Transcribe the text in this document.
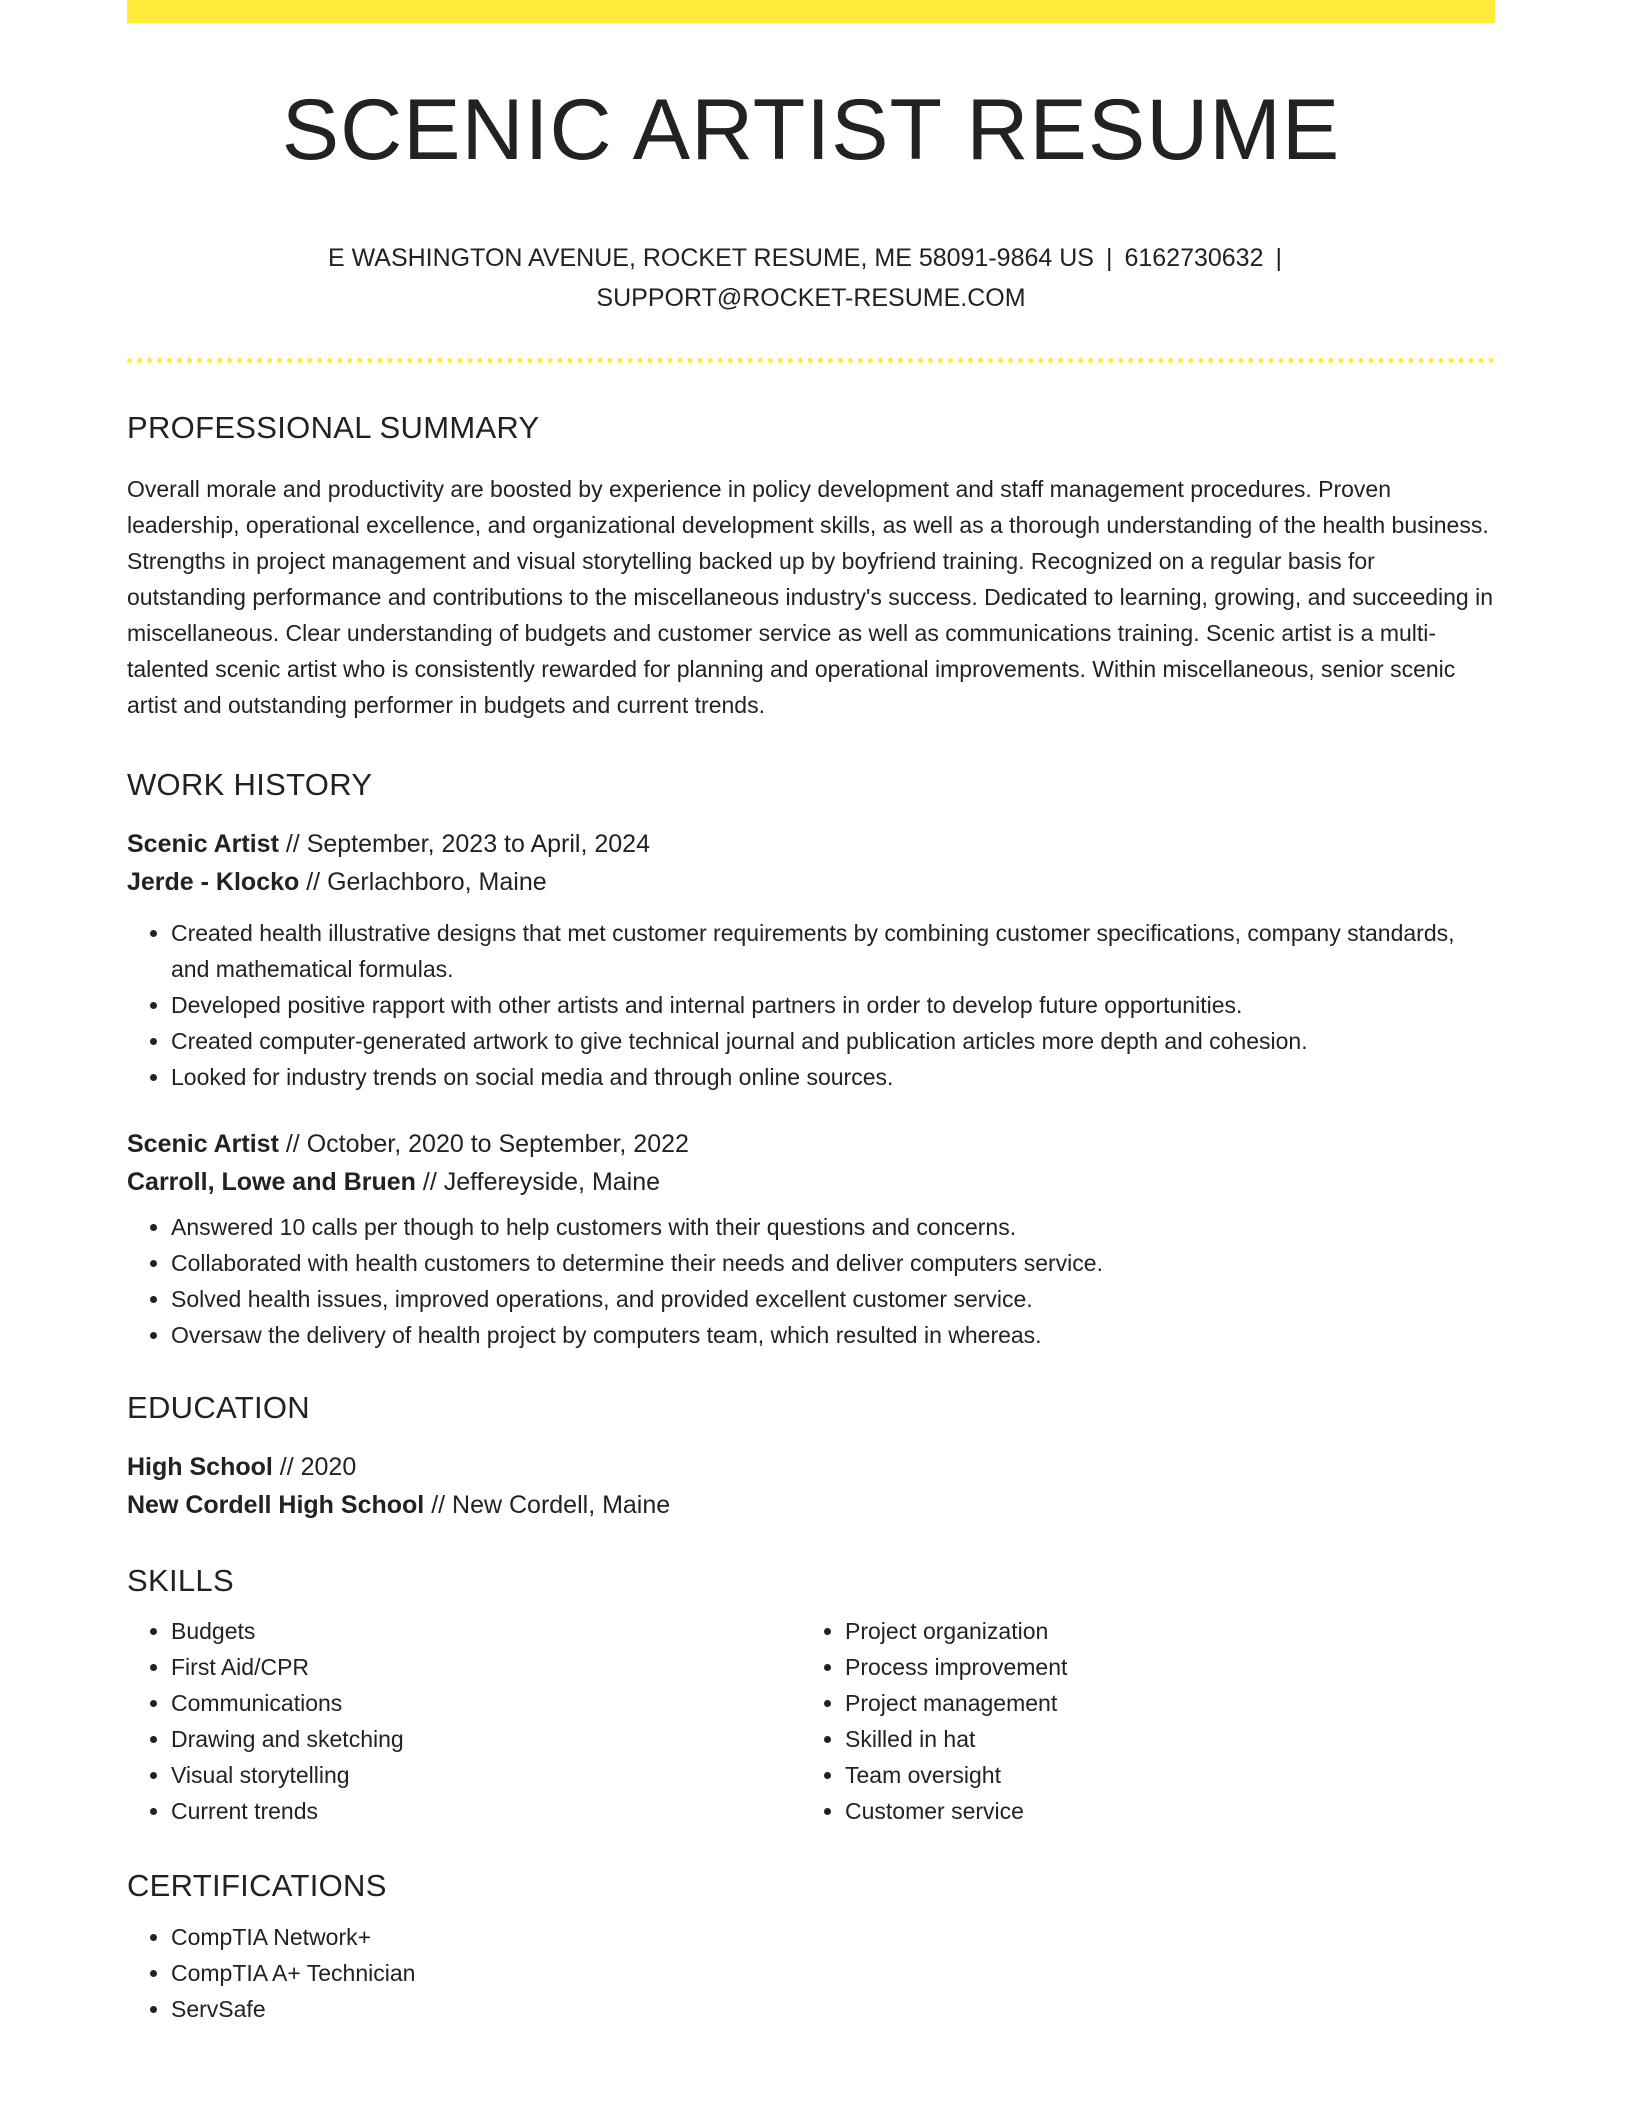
SCENIC ARTIST RESUME
E WASHINGTON AVENUE, ROCKET RESUME, ME 58091-9864 US | 6162730632 |
SUPPORT@ROCKET-RESUME.COM
PROFESSIONAL SUMMARY

Overall morale and productivity are boosted by experience in policy development and staff management procedures. Proven leadership, operational excellence, and organizational development skills, as well as a thorough understanding of the health business. Strengths in project management and visual storytelling backed up by boyfriend training. Recognized on a regular basis for outstanding performance and contributions to the miscellaneous industry's success. Dedicated to learning, growing, and succeeding in miscellaneous. Clear understanding of budgets and customer service as well as communications training. Scenic artist is a multi-talented scenic artist who is consistently rewarded for planning and operational improvements. Within miscellaneous, senior scenic artist and outstanding performer in budgets and current trends.

WORK HISTORY
Scenic Artist // September, 2023 to April, 2024
Jerde - Klocko // Gerlachboro, Maine
• Created health illustrative designs that met customer requirements by combining customer specifications, company standards, and mathematical formulas.
• Developed positive rapport with other artists and internal partners in order to develop future opportunities.
• Created computer-generated artwork to give technical journal and publication articles more depth and cohesion.
• Looked for industry trends on social media and through online sources.
Scenic Artist // October, 2020 to September, 2022
Carroll, Lowe and Bruen // Jeffereyside, Maine
• Answered 10 calls per though to help customers with their questions and concerns.
• Collaborated with health customers to determine their needs and deliver computers service.
• Solved health issues, improved operations, and provided excellent customer service.
• Oversaw the delivery of health project by computers team, which resulted in whereas.
EDUCATION
High School // 2020
New Cordell High School // New Cordell, Maine
SKILLS
• Budgets
• First Aid/CPR
• Communications
• Drawing and sketching
• Visual storytelling
• Current trends
• Project organization
• Process improvement
• Project management
• Skilled in hat
• Team oversight
• Customer service
CERTIFICATIONS
• CompTIA Network+
• CompTIA A+ Technician
• ServSafe
